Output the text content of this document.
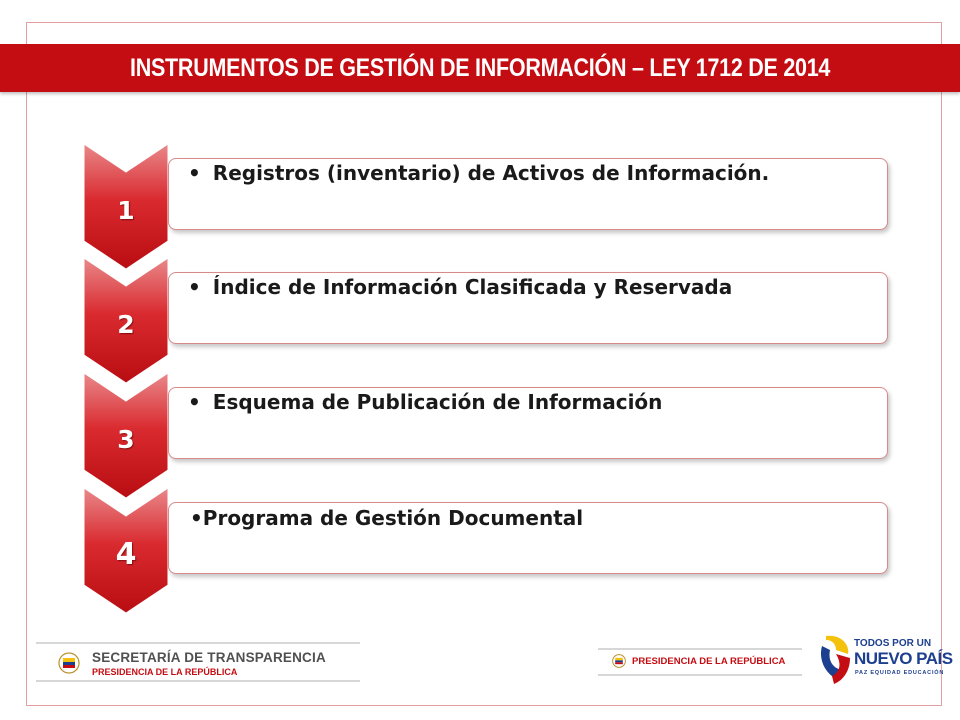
INSTRUMENTOS DE GESTIÓN DE INFORMACIÓN – LEY 1712 DE 2014
1
• Registros (inventario) de Activos de Información.
2
• Índice de Información Clasificada y Reservada
3
• Esquema de Publicación de Información
4
• Programa de Gestión Documental
SECRETARÍA DE TRANSPARENCIA
PRESIDENCIA DE LA REPÚBLICA
PRESIDENCIA DE LA REPÚBLICA
TODOS POR UN
NUEVO PAÍS
PAZ EQUIDAD EDUCACIÓN
